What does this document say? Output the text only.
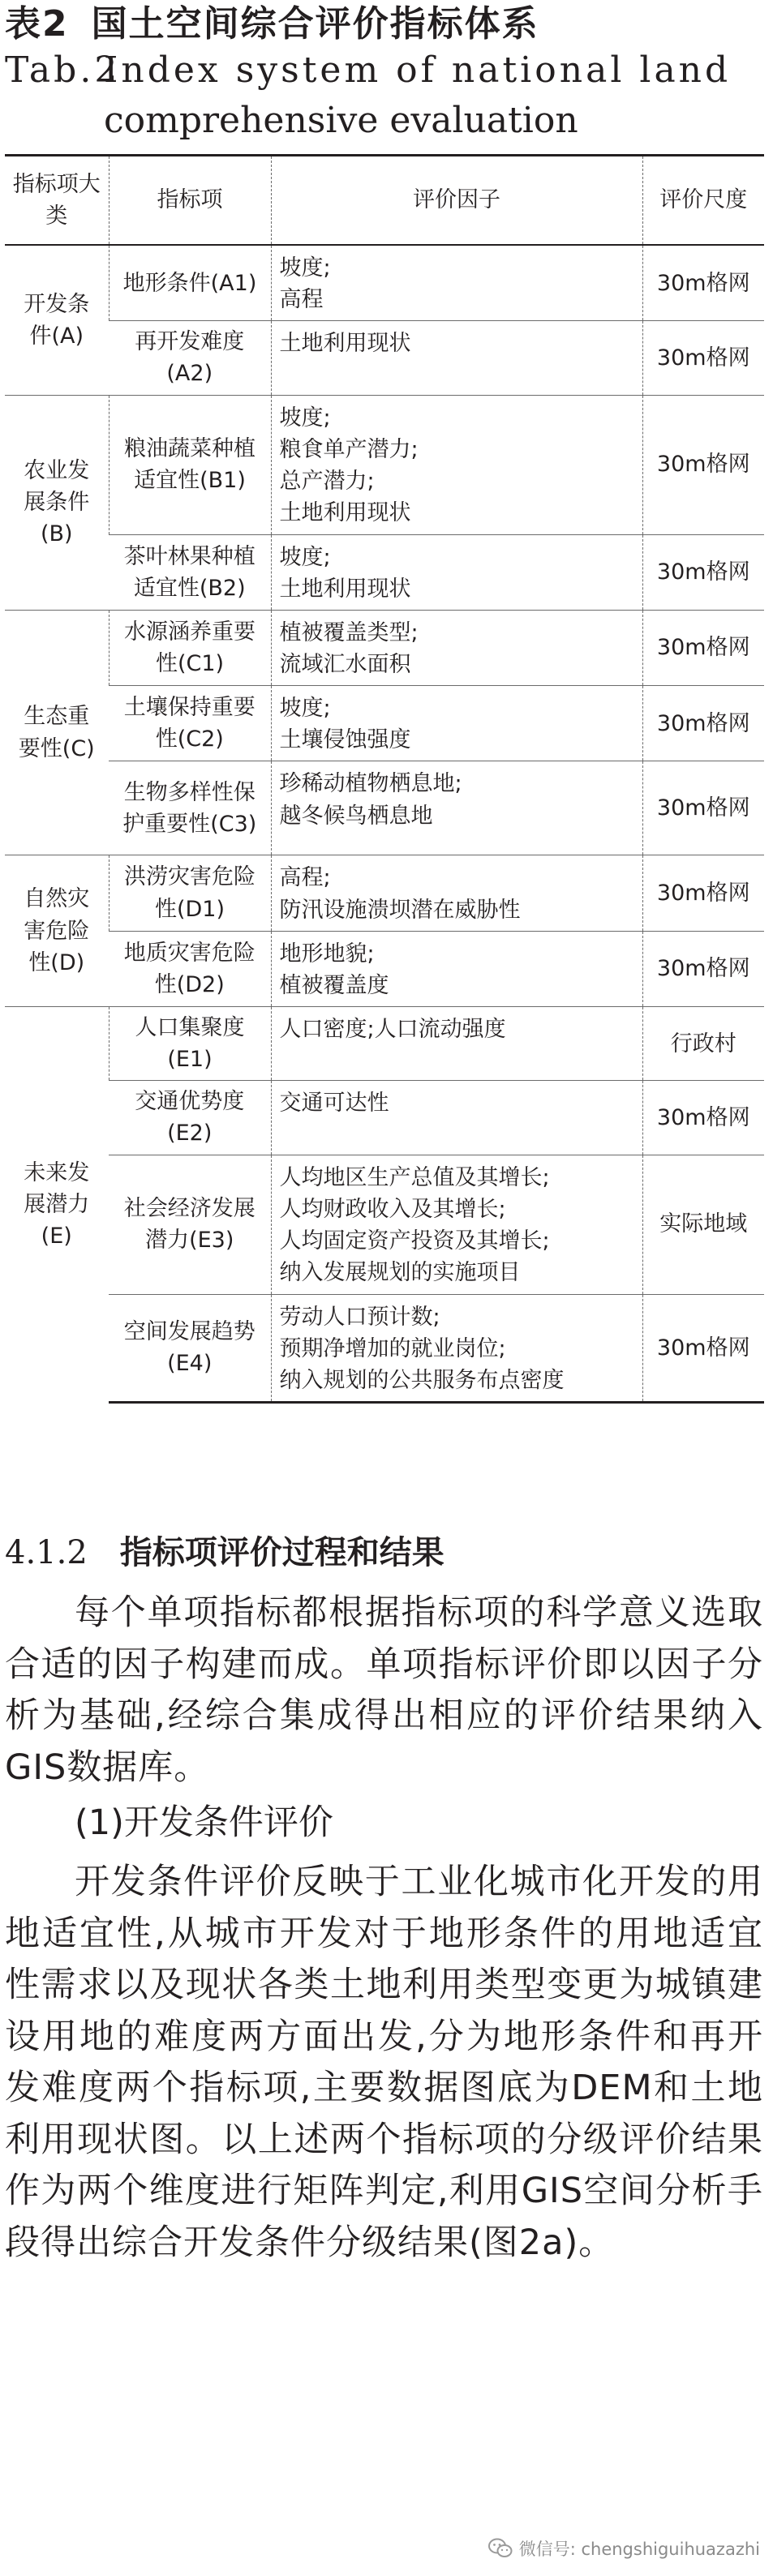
表2 国土空间综合评价指标体系
Tab.2Index system of national land
comprehensive evaluation
指标项大类	指标项	评价因子	评价尺度
开发条件(A)	地形条件(A1)	坡度;
高程	30m格网
	再开发难度(A2)	土地利用现状	30m格网
农业发展条件(B)	粮油蔬菜种植适宜性(B1)	坡度;
粮食单产潜力;
总产潜力;
土地利用现状	30m格网
	茶叶林果种植适宜性(B2)	坡度;
土地利用现状	30m格网
生态重要性(C)	水源涵养重要性(C1)	植被覆盖类型;
流域汇水面积	30m格网
	土壤保持重要性(C2)	坡度;
土壤侵蚀强度	30m格网
	生物多样性保护重要性(C3)	珍稀动植物栖息地;
越冬候鸟栖息地	30m格网
自然灾害危险性(D)	洪涝灾害危险性(D1)	高程;
防汛设施溃坝潜在威胁性	30m格网
	地质灾害危险性(D2)	地形地貌;
植被覆盖度	30m格网
未来发展潜力(E)	人口集聚度(E1)	人口密度;人口流动强度	行政村
	交通优势度(E2)	交通可达性	30m格网
	社会经济发展潜力(E3)	人均地区生产总值及其增长;
人均财政收入及其增长;
人均固定资产投资及其增长;
纳入发展规划的实施项目	实际地域
	空间发展趋势(E4)	劳动人口预计数;
预期净增加的就业岗位;
纳入规划的公共服务布点密度	30m格网
4.1.2 指标项评价过程和结果
每个单项指标都根据指标项的科学意义选取合适的因子构建而成。单项指标评价即以因子分析为基础,经综合集成得出相应的评价结果纳入GIS数据库。
(1)开发条件评价
开发条件评价反映于工业化城市化开发的用地适宜性,从城市开发对于地形条件的用地适宜性需求以及现状各类土地利用类型变更为城镇建设用地的难度两方面出发,分为地形条件和再开发难度两个指标项,主要数据图底为DEM和土地利用现状图。以上述两个指标项的分级评价结果作为两个维度进行矩阵判定,利用GIS空间分析手段得出综合开发条件分级结果(图2a)。
微信号: chengshiguihuazazhi
